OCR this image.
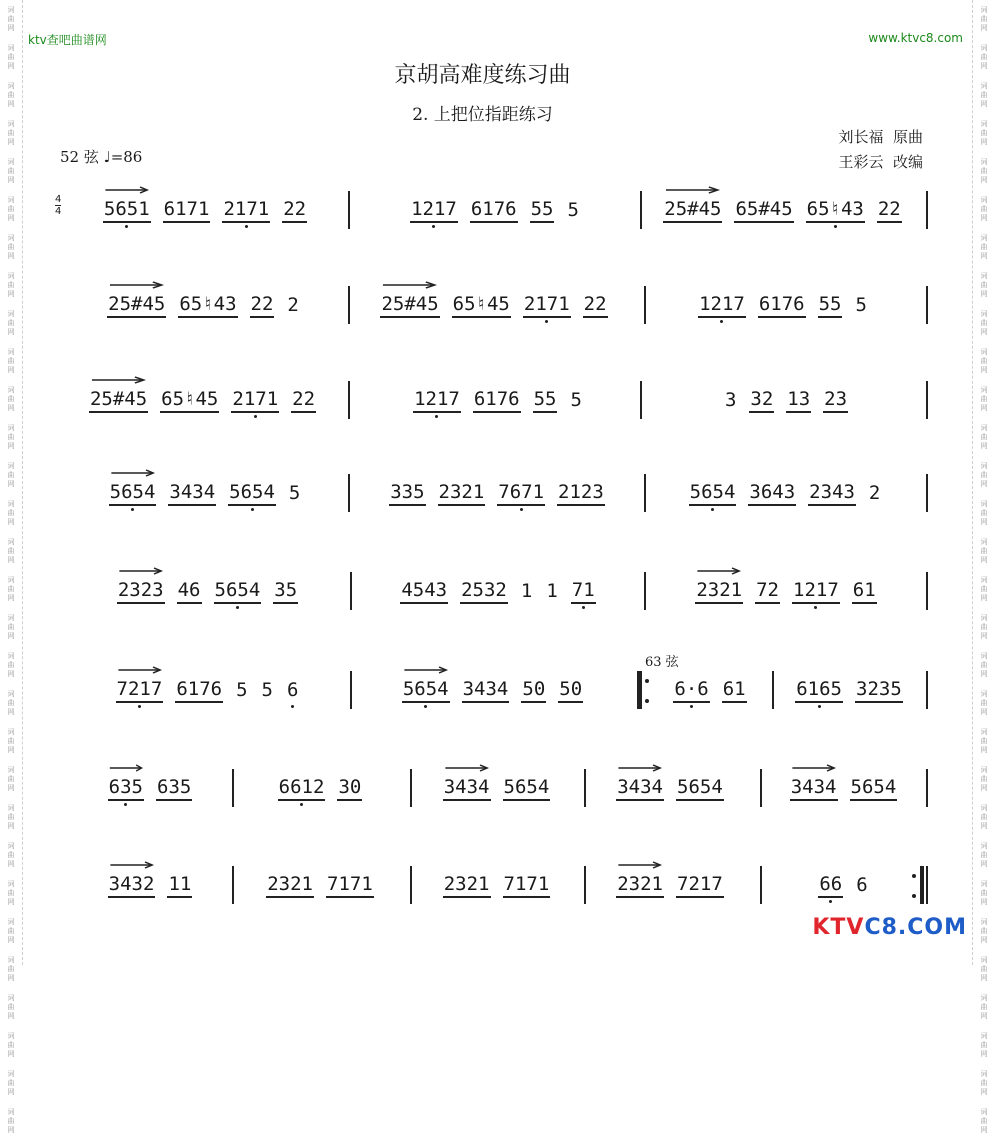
词
曲
网
词
曲
网
词
曲
网
词
曲
网
词
曲
网
词
曲
网
词
曲
网
词
曲
网
词
曲
网
词
曲
网
词
曲
网
词
曲
网
词
曲
网
词
曲
网
词
曲
网
词
曲
网
词
曲
网
词
曲
网
词
曲
网
词
曲
网
词
曲
网
词
曲
网
词
曲
网
词
曲
网
词
曲
网
词
曲
网
词
曲
网
词
曲
网
词
曲
网
词
曲
网
词
曲
网
词
曲
网
词
曲
网
词
曲
网
词
曲
网
词
曲
网
词
曲
网
词
曲
网
词
曲
网
词
曲
网
词
曲
网
词
曲
网
词
曲
网
词
曲
网
词
曲
网
词
曲
网
词
曲
网
词
曲
网
词
曲
网
词
曲
网
词
曲
网
词
曲
网
词
曲
网
词
曲
网
词
曲
网
词
曲
网
词
曲
网
词
曲
网
词
曲
网
词
曲
网
ktv查吧曲谱网	www.ktvc8.com
京胡高难度练习曲
2. 上把位指距练习
刘长福  原曲
王彩云  改编
52 弦 ♩=86
4
4 5651 6171 2171 22	1217 6176 55 5	25#45 65#45 65♮43 22
25#45 65♮43 22 2	25#45 65♮45 2171 22	1217 6176 55 5
25#45 65♮45 2171 22	1217 6176 55 5	3 32 13 23
5654 3434 5654 5	335 2321 7671 2123	5654 3643 2343 2
2323 46 5654 35	4543 2532 1 1 71	2321 72 1217 61
7217 6176 5 5 6	5654 3434 50 50	6·6 61	6165 3235
635 635	6612 30	3434 5654	3434 5654	3434 5654
3432 11	2321 7171	2321 7171	2321 7217	66 6
63 弦
KTVC8.COM
